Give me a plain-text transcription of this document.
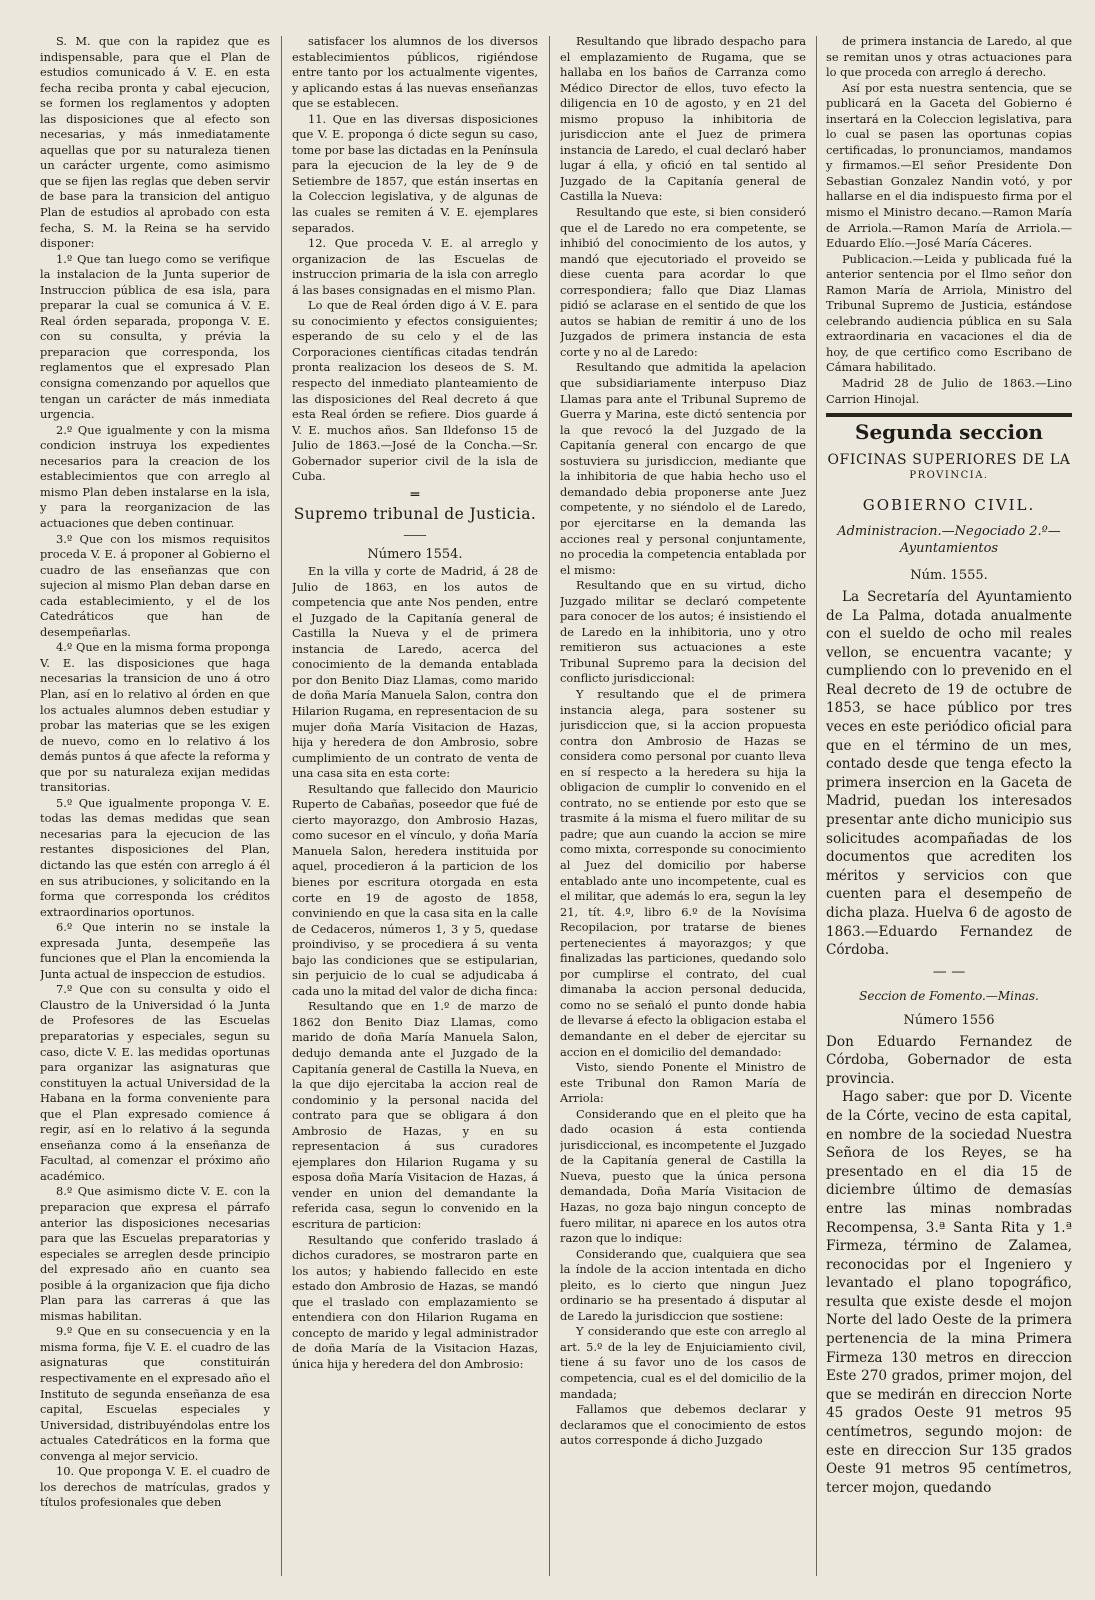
S. M. que con la rapidez que es indispensable, para que el Plan de estudios comunicado á V. E. en esta fecha reciba pronta y cabal ejecucion, se formen los reglamentos y adopten las disposiciones que al efecto son necesarias, y más inmediatamente aquellas que por su naturaleza tienen un carácter urgente, como asimismo que se fijen las reglas que deben servir de base para la transicion del antiguo Plan de estudios al aprobado con esta fecha, S. M. la Reina se ha servido disponer:

1.º Que tan luego como se verifique la instalacion de la Junta superior de Instruccion pública de esa isla, para preparar la cual se comunica á V. E. Real órden separada, proponga V. E. con su consulta, y prévia la preparacion que corresponda, los reglamentos que el expresado Plan consigna comenzando por aquellos que tengan un carácter de más inmediata urgencia.

2.º Que igualmente y con la misma condicion instruya los expedientes necesarios para la creacion de los establecimientos que con arreglo al mismo Plan deben instalarse en la isla, y para la reorganizacion de las actuaciones que deben continuar.

3.º Que con los mismos requisitos proceda V. E. á proponer al Gobierno el cuadro de las enseñanzas que con sujecion al mismo Plan deban darse en cada establecimiento, y el de los Catedráticos que han de desempeñarlas.

4.º Que en la misma forma proponga V. E. las disposiciones que haga necesarias la transicion de uno á otro Plan, así en lo relativo al órden en que los actuales alumnos deben estudiar y probar las materias que se les exigen de nuevo, como en lo relativo á los demás puntos á que afecte la reforma y que por su naturaleza exijan medidas transitorias.

5.º Que igualmente proponga V. E. todas las demas medidas que sean necesarias para la ejecucion de las restantes disposiciones del Plan, dictando las que estén con arreglo á él en sus atribuciones, y solicitando en la forma que corresponda los créditos extraordinarios oportunos.

6.º Que interin no se instale la expresada Junta, desempeñe las funciones que el Plan la encomienda la Junta actual de inspeccion de estudios.

7.º Que con su consulta y oido el Claustro de la Universidad ó la Junta de Profesores de las Escuelas preparatorias y especiales, segun su caso, dicte V. E. las medidas oportunas para organizar las asignaturas que constituyen la actual Universidad de la Habana en la forma conveniente para que el Plan expresado comience á regir, así en lo relativo á la segunda enseñanza como á la enseñanza de Facultad, al comenzar el próximo año académico.

8.º Que asimismo dicte V. E. con la preparacion que expresa el párrafo anterior las disposiciones necesarias para que las Escuelas preparatorias y especiales se arreglen desde principio del expresado año en cuanto sea posible á la organizacion que fija dicho Plan para las carreras á que las mismas habilitan.

9.º Que en su consecuencia y en la misma forma, fije V. E. el cuadro de las asignaturas que constituirán respectivamente en el expresado año el Instituto de segunda enseñanza de esa capital, Escuelas especiales y Universidad, distribuyéndolas entre los actuales Catedráticos en la forma que convenga al mejor servicio.

10. Que proponga V. E. el cuadro de los derechos de matrículas, grados y títulos profesionales que deben

satisfacer los alumnos de los diversos establecimientos públicos, rigiéndose entre tanto por los actualmente vigentes, y aplicando estas á las nuevas enseñanzas que se establecen.

11. Que en las diversas disposiciones que V. E. proponga ó dicte segun su caso, tome por base las dictadas en la Península para la ejecucion de la ley de 9 de Setiembre de 1857, que están insertas en la Coleccion legislativa, y de algunas de las cuales se remiten á V. E. ejemplares separados.

12. Que proceda V. E. al arreglo y organizacion de las Escuelas de instruccion primaria de la isla con arreglo á las bases consignadas en el mismo Plan.

Lo que de Real órden digo á V. E. para su conocimiento y efectos consiguientes; esperando de su celo y el de las Corporaciones científicas citadas tendrán pronta realizacion los deseos de S. M. respecto del inmediato planteamiento de las disposiciones del Real decreto á que esta Real órden se refiere. Dios guarde á V. E. muchos años. San Ildefonso 15 de Julio de 1863.—José de la Concha.—Sr. Gobernador superior civil de la isla de Cuba.

═
Supremo tribunal de Justicia.
⸺
Número 1554.

En la villa y corte de Madrid, á 28 de Julio de 1863, en los autos de competencia que ante Nos penden, entre el Juzgado de la Capitanía general de Castilla la Nueva y el de primera instancia de Laredo, acerca del conocimiento de la demanda entablada por don Benito Diaz Llamas, como marido de doña María Manuela Salon, contra don Hilarion Rugama, en representacion de su mujer doña María Visitacion de Hazas, hija y heredera de don Ambrosio, sobre cumplimiento de un contrato de venta de una casa sita en esta corte:

Resultando que fallecido don Mauricio Ruperto de Cabañas, poseedor que fué de cierto mayorazgo, don Ambrosio Hazas, como sucesor en el vínculo, y doña María Manuela Salon, heredera instituida por aquel, procedieron á la particion de los bienes por escritura otorgada en esta corte en 19 de agosto de 1858, conviniendo en que la casa sita en la calle de Cedaceros, números 1, 3 y 5, quedase proindiviso, y se procediera á su venta bajo las condiciones que se estipularian, sin perjuicio de lo cual se adjudicaba á cada uno la mitad del valor de dicha finca:

Resultando que en 1.º de marzo de 1862 don Benito Diaz Llamas, como marido de doña María Manuela Salon, dedujo demanda ante el Juzgado de la Capitanía general de Castilla la Nueva, en la que dijo ejercitaba la accion real de condominio y la personal nacida del contrato para que se obligara á don Ambrosio de Hazas, y en su representacion á sus curadores ejemplares don Hilarion Rugama y su esposa doña María Visitacion de Hazas, á vender en union del demandante la referida casa, segun lo convenido en la escritura de particion:

Resultando que conferido traslado á dichos curadores, se mostraron parte en los autos; y habiendo fallecido en este estado don Ambrosio de Hazas, se mandó que el traslado con emplazamiento se entendiera con don Hilarion Rugama en concepto de marido y legal administrador de doña María de la Visitacion Hazas, única hija y heredera del don Ambrosio:

Resultando que librado despacho para el emplazamiento de Rugama, que se hallaba en los baños de Carranza como Médico Director de ellos, tuvo efecto la diligencia en 10 de agosto, y en 21 del mismo propuso la inhibitoria de jurisdiccion ante el Juez de primera instancia de Laredo, el cual declaró haber lugar á ella, y ofició en tal sentido al Juzgado de la Capitanía general de Castilla la Nueva:

Resultando que este, si bien consideró que el de Laredo no era competente, se inhibió del conocimiento de los autos, y mandó que ejecutoriado el proveido se diese cuenta para acordar lo que correspondiera; fallo que Diaz Llamas pidió se aclarase en el sentido de que los autos se habian de remitir á uno de los Juzgados de primera instancia de esta corte y no al de Laredo:

Resultando que admitida la apelacion que subsidiariamente interpuso Diaz Llamas para ante el Tribunal Supremo de Guerra y Marina, este dictó sentencia por la que revocó la del Juzgado de la Capitanía general con encargo de que sostuviera su jurisdiccion, mediante que la inhibitoria de que habia hecho uso el demandado debia proponerse ante Juez competente, y no siéndolo el de Laredo, por ejercitarse en la demanda las acciones real y personal conjuntamente, no procedia la competencia entablada por el mismo:

Resultando que en su virtud, dicho Juzgado militar se declaró competente para conocer de los autos; é insistiendo el de Laredo en la inhibitoria, uno y otro remitieron sus actuaciones a este Tribunal Supremo para la decision del conflicto jurisdiccional:

Y resultando que el de primera instancia alega, para sostener su jurisdiccion que, si la accion propuesta contra don Ambrosio de Hazas se considera como personal por cuanto lleva en sí respecto a la heredera su hija la obligacion de cumplir lo convenido en el contrato, no se entiende por esto que se trasmite á la misma el fuero militar de su padre; que aun cuando la accion se mire como mixta, corresponde su conocimiento al Juez del domicilio por haberse entablado ante uno incompetente, cual es el militar, que además lo era, segun la ley 21, tít. 4.º, libro 6.º de la Novísima Recopilacion, por tratarse de bienes pertenecientes á mayorazgos; y que finalizadas las particiones, quedando solo por cumplirse el contrato, del cual dimanaba la accion personal deducida, como no se señaló el punto donde habia de llevarse á efecto la obligacion estaba el demandante en el deber de ejercitar su accion en el domicilio del demandado:

Visto, siendo Ponente el Ministro de este Tribunal don Ramon María de Arriola:

Considerando que en el pleito que ha dado ocasion á esta contienda jurisdiccional, es incompetente el Juzgado de la Capitanía general de Castilla la Nueva, puesto que la única persona demandada, Doña María Visitacion de Hazas, no goza bajo ningun concepto de fuero militar, ni aparece en los autos otra razon que lo indique:

Considerando que, cualquiera que sea la índole de la accion intentada en dicho pleito, es lo cierto que ningun Juez ordinario se ha presentado á disputar al de Laredo la jurisdiccion que sostiene:

Y considerando que este con arreglo al art. 5.º de la ley de Enjuiciamiento civil, tiene á su favor uno de los casos de competencia, cual es el del domicilio de la mandada;

Fallamos que debemos declarar y declaramos que el conocimiento de estos autos corresponde á dicho Juzgado

de primera instancia de Laredo, al que se remitan unos y otras actuaciones para lo que proceda con arreglo á derecho.

Así por esta nuestra sentencia, que se publicará en la Gaceta del Gobierno é insertará en la Coleccion legislativa, para lo cual se pasen las oportunas copias certificadas, lo pronunciamos, mandamos y firmamos.—El señor Presidente Don Sebastian Gonzalez Nandin votó, y por hallarse en el dia indispuesto firma por el mismo el Ministro decano.—Ramon María de Arriola.—Ramon María de Arriola.—Eduardo Elío.—José María Cáceres.

Publicacion.—Leida y publicada fué la anterior sentencia por el Ilmo señor don Ramon María de Arriola, Ministro del Tribunal Supremo de Justicia, estándose celebrando audiencia pública en su Sala extraordinaria en vacaciones el dia de hoy, de que certifico como Escribano de Cámara habilitado.

Madrid 28 de Julio de 1863.—Lino Carrion Hinojal.

Segunda seccion
OFICINAS SUPERIORES DE LA
PROVINCIA.
GOBIERNO CIVIL.
Administracion.—Negociado 2.º—Ayuntamientos
Núm. 1555.

La Secretaría del Ayuntamiento de La Palma, dotada anualmente con el sueldo de ocho mil reales vellon, se encuentra vacante; y cumpliendo con lo prevenido en el Real decreto de 19 de octubre de 1853, se hace público por tres veces en este periódico oficial para que en el término de un mes, contado desde que tenga efecto la primera insercion en la Gaceta de Madrid, puedan los interesados presentar ante dicho municipio sus solicitudes acompañadas de los documentos que acrediten los méritos y servicios con que cuenten para el desempeño de dicha plaza. Huelva 6 de agosto de 1863.—Eduardo Fernandez de Córdoba.

— —
Seccion de Fomento.—Minas.
Número 1556

Don Eduardo Fernandez de Córdoba, Gobernador de esta provincia.

Hago saber: que por D. Vicente de la Córte, vecino de esta capital, en nombre de la sociedad Nuestra Señora de los Reyes, se ha presentado en el dia 15 de diciembre último de demasías entre las minas nombradas Recompensa, 3.ª Santa Rita y 1.ª Firmeza, término de Zalamea, reconocidas por el Ingeniero y levantado el plano topográfico, resulta que existe desde el mojon Norte del lado Oeste de la primera pertenencia de la mina Primera Firmeza 130 metros en direccion Este 270 grados, primer mojon, del que se medirán en direccion Norte 45 grados Oeste 91 metros 95 centímetros, segundo mojon: de este en direccion Sur 135 grados Oeste 91 metros 95 centímetros, tercer mojon, quedando
